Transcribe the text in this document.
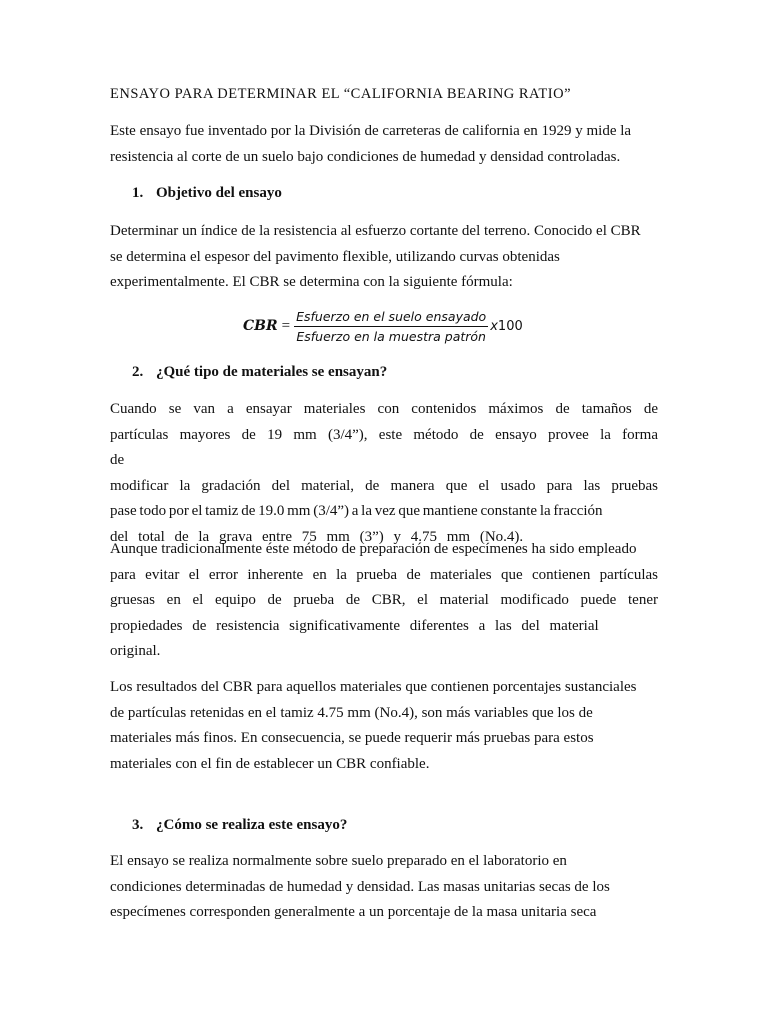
ENSAYO PARA DETERMINAR EL “CALIFORNIA BEARING RATIO”

Este ensayo fue inventado por la División de carreteras de california en 1929 y mide la

resistencia al corte de un suelo bajo condiciones de humedad y densidad controladas.

1. Objetivo del ensayo

Determinar un índice de la resistencia al esfuerzo cortante del terreno. Conocido el CBR

se determina el espesor del pavimento flexible, utilizando curvas obtenidas

experimentalmente. El CBR se determina con la siguiente fórmula:

CBR = $\frac{\text{Esfuerzo en el suelo ensayado}}{\text{Esfuerzo en la muestra patrón}}$ x 100
2. ¿Qué tipo de materiales se ensayan?

Cuando se van a ensayar materiales con contenidos máximos de tamaños de

partículas mayores de 19 mm (3/4”), este método de ensayo provee la forma de

modificar la gradación del material, de manera que el usado para las pruebas

pase todo por el tamiz de 19.0 mm (3/4”) a la vez que mantiene constante la fracción

del total de la grava entre 75 mm (3”) y 4.75 mm (No.4).

Aunque tradicionalmente éste método de preparación de especímenes ha sido empleado

para evitar el error inherente en la prueba de materiales que contienen partículas

gruesas en el equipo de prueba de CBR, el material modificado puede tener

propiedades de resistencia significativamente diferentes a las del material

original.

Los resultados del CBR para aquellos materiales que contienen porcentajes sustanciales

de partículas retenidas en el tamiz 4.75 mm (No.4), son más variables que los de

materiales más finos. En consecuencia, se puede requerir más pruebas para estos

materiales con el fin de establecer un CBR confiable.

3. ¿Cómo se realiza este ensayo?

El ensayo se realiza normalmente sobre suelo preparado en el laboratorio en

condiciones determinadas de humedad y densidad. Las masas unitarias secas de los

especímenes corresponden generalmente a un porcentaje de la masa unitaria seca
